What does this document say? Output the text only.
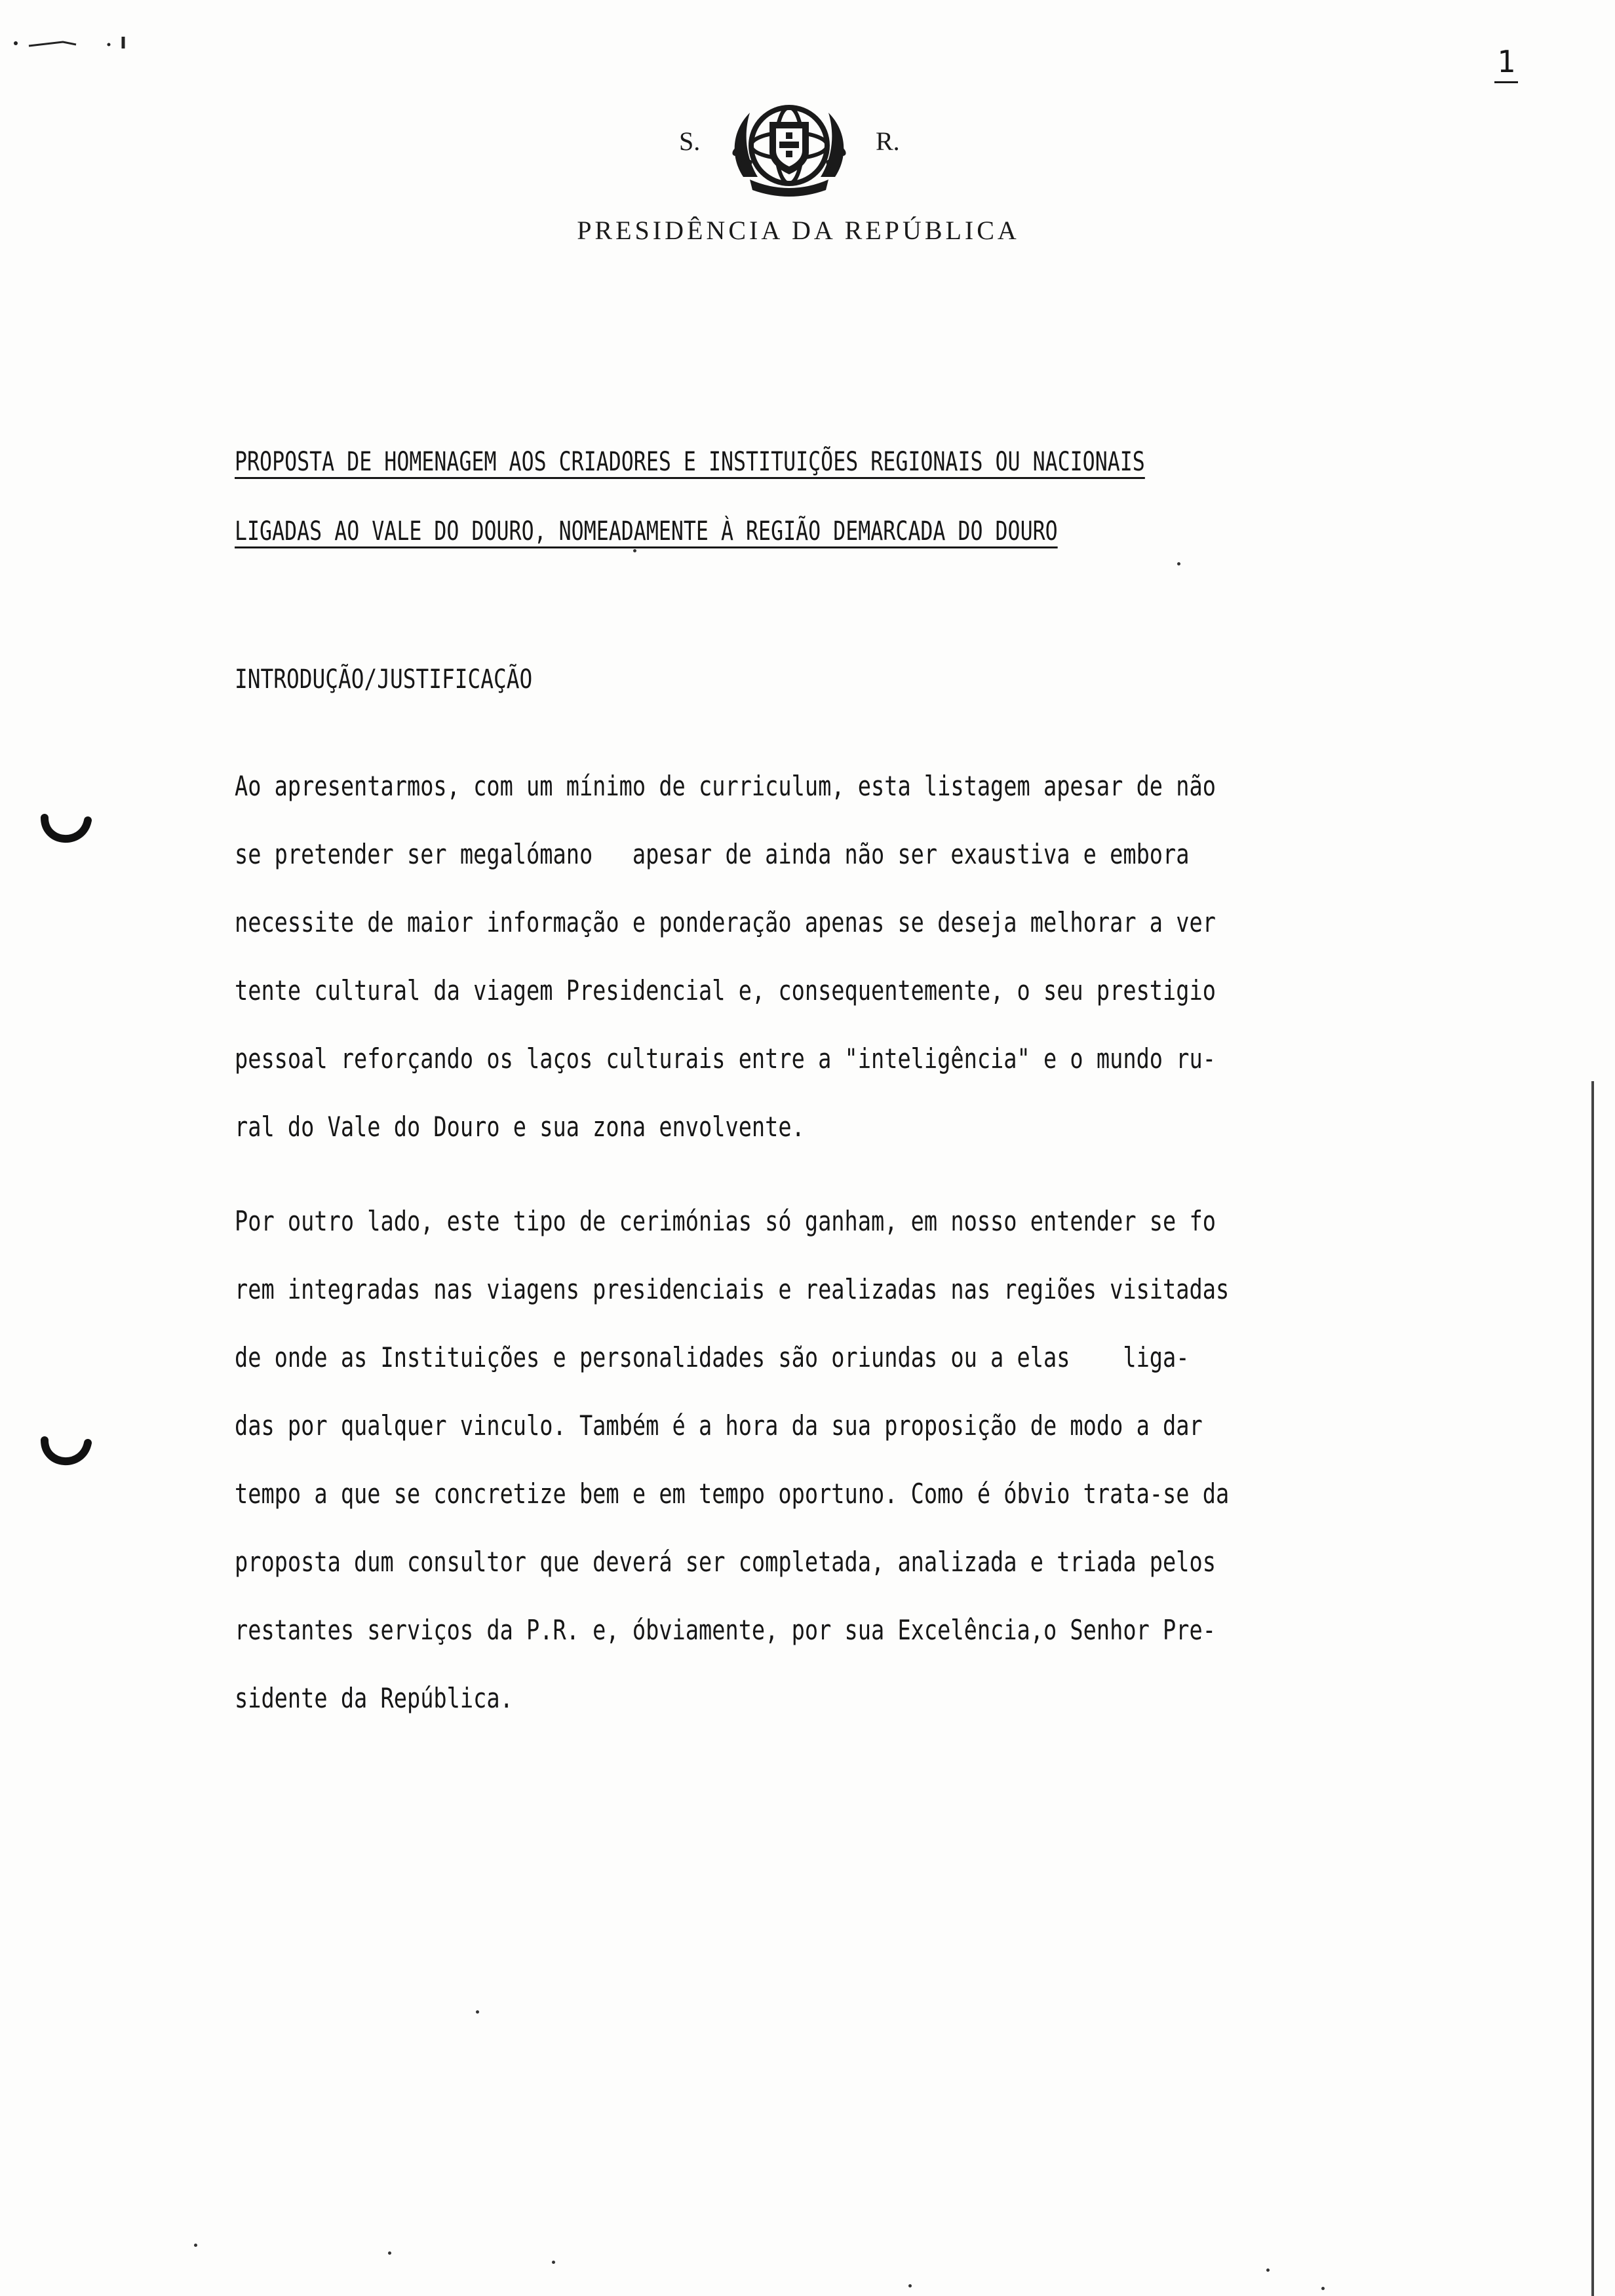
1
S.	R.
PRESIDÊNCIA DA REPÚBLICA
PROPOSTA DE HOMENAGEM AOS CRIADORES E INSTITUIÇÕES REGIONAIS OU NACIONAIS
LIGADAS AO VALE DO DOURO, NOMEADAMENTE À REGIÃO DEMARCADA DO DOURO
INTRODUÇÃO/JUSTIFICAÇÃO
Ao apresentarmos, com um mínimo de curriculum, esta listagem apesar de não
se pretender ser megalómano   apesar de ainda não ser exaustiva e embora
necessite de maior informação e ponderação apenas se deseja melhorar a ver
tente cultural da viagem Presidencial e, consequentemente, o seu prestigio
pessoal reforçando os laços culturais entre a "inteligência" e o mundo ru-
ral do Vale do Douro e sua zona envolvente.
Por outro lado, este tipo de cerimónias só ganham, em nosso entender se fo
rem integradas nas viagens presidenciais e realizadas nas regiões visitadas
de onde as Instituições e personalidades são oriundas ou a elas    liga-
das por qualquer vinculo. Também é a hora da sua proposição de modo a dar
tempo a que se concretize bem e em tempo oportuno. Como é óbvio trata-se da
proposta dum consultor que deverá ser completada, analizada e triada pelos
restantes serviços da P.R. e, óbviamente, por sua Excelência,o Senhor Pre-
sidente da República.
